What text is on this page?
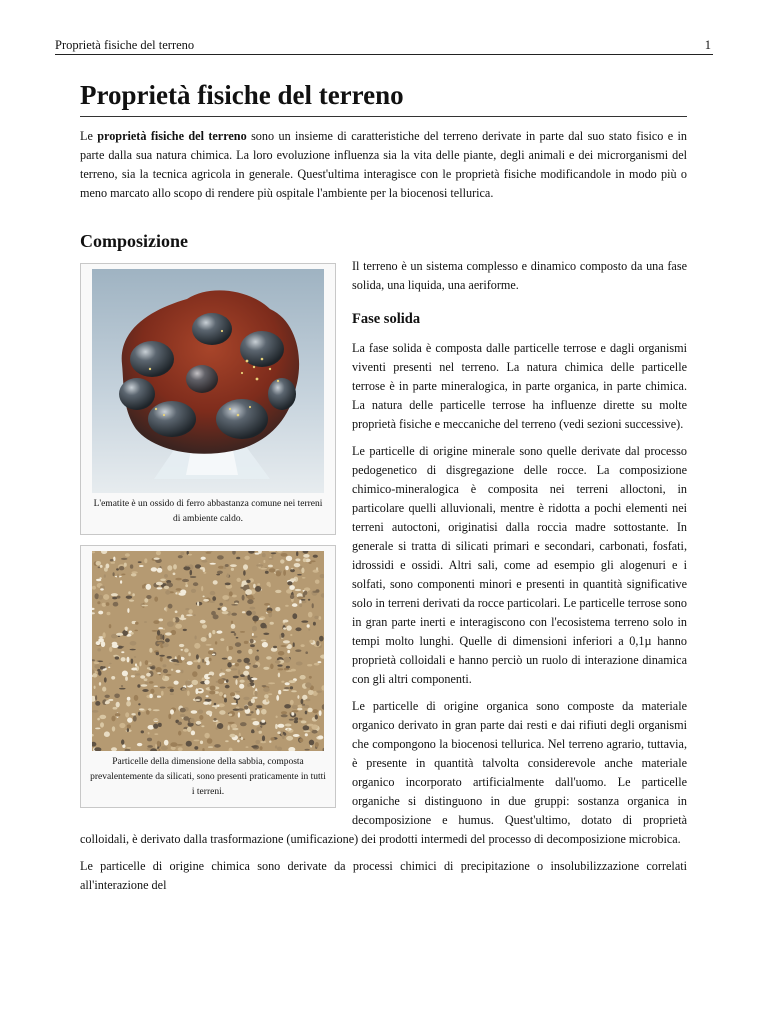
Proprietà fisiche del terreno	1
Proprietà fisiche del terreno

Le proprietà fisiche del terreno sono un insieme di caratteristiche del terreno derivate in parte dal suo stato fisico e in parte dalla sua natura chimica. La loro evoluzione influenza sia la vita delle piante, degli animali e dei microrganismi del terreno, sia la tecnica agricola in generale. Quest'ultima interagisce con le proprietà fisiche modificandole in modo più o meno marcato allo scopo di rendere più ospitale l'ambiente per la biocenosi tellurica.

Composizione
L'ematite è un ossido di ferro abbastanza comune nei terreni di ambiente caldo.

Il terreno è un sistema complesso e dinamico composto da una fase solida, una liquida, una aeriforme.

Fase solida

La fase solida è composta dalle particelle terrose e dagli organismi viventi presenti nel terreno. La natura chimica delle particelle terrose è in parte mineralogica, in parte organica, in parte chimica. La natura delle particelle terrose ha influenze dirette su molte proprietà fisiche e meccaniche del terreno (vedi sezioni successive).

Particelle della dimensione della sabbia, composta prevalentemente da silicati, sono presenti praticamente in tutti i terreni.

Le particelle di origine minerale sono quelle derivate dal processo pedogenetico di disgregazione delle rocce. La composizione chimico-mineralogica è composita nei terreni alloctoni, in particolare quelli alluvionali, mentre è ridotta a pochi elementi nei terreni autoctoni, originatisi dalla roccia madre sottostante. In generale si tratta di silicati primari e secondari, carbonati, fosfati, idrossidi e ossidi. Altri sali, come ad esempio gli alogenuri e i solfati, sono componenti minori e presenti in quantità significative solo in terreni derivati da rocce particolari. Le particelle terrose sono in gran parte inerti e interagiscono con l'ecosistema terreno solo in tempi molto lunghi. Quelle di dimensioni inferiori a 0,1µ hanno proprietà colloidali e hanno perciò un ruolo di interazione dinamica con gli altri componenti.

Le particelle di origine organica sono composte da materiale organico derivato in gran parte dai resti e dai rifiuti degli organismi che compongono la biocenosi tellurica. Nel terreno agrario, tuttavia, è presente in quantità talvolta considerevole anche materiale organico incorporato artificialmente dall'uomo. Le particelle organiche si distinguono in due gruppi: sostanza organica in decomposizione e humus. Quest'ultimo, dotato di proprietà colloidali, è derivato dalla trasformazione (umificazione) dei prodotti intermedi del processo di decomposizione microbica.

Le particelle di origine chimica sono derivate da processi chimici di precipitazione o insolubilizzazione correlati all'interazione del
